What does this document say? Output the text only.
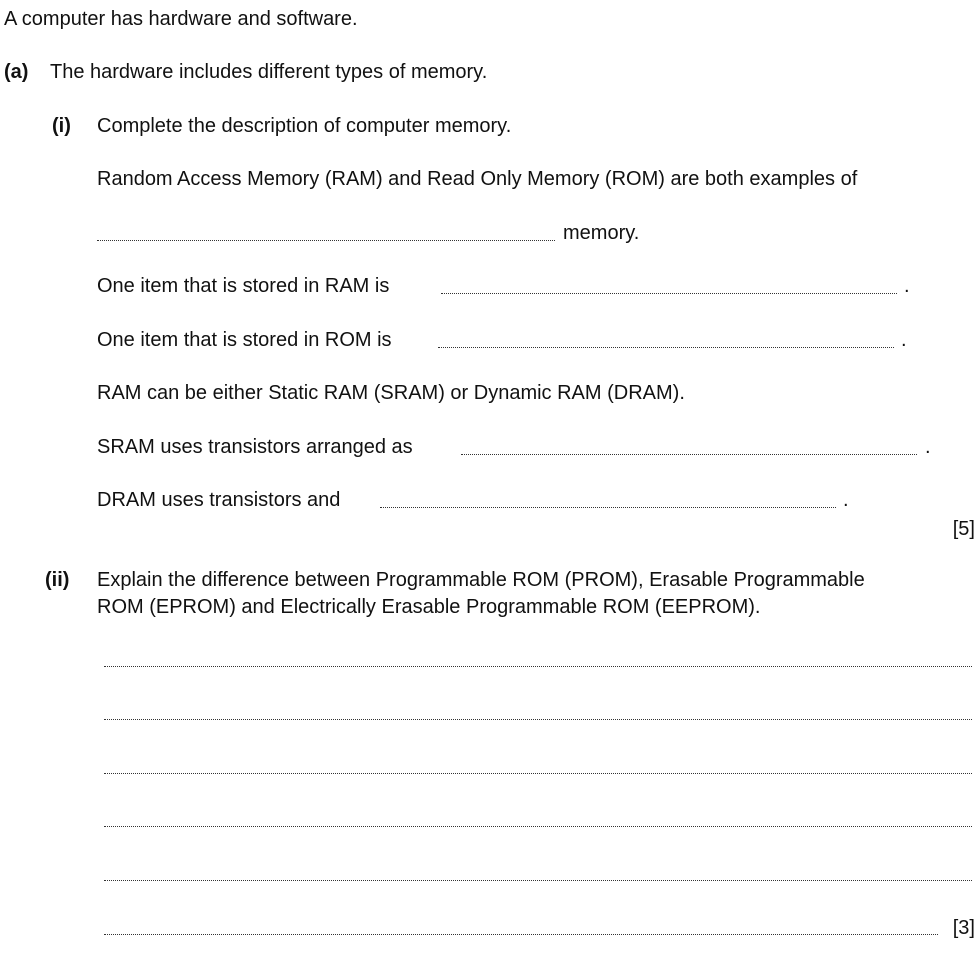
A computer has hardware and software.
(a) The hardware includes different types of memory.
(i) Complete the description of computer memory.
Random Access Memory (RAM) and Read Only Memory (ROM) are both examples of
memory.
One item that is stored in RAM is	.
One item that is stored in ROM is	.
RAM can be either Static RAM (SRAM) or Dynamic RAM (DRAM).
SRAM uses transistors arranged as	.
DRAM uses transistors and	.
[5]
(ii) Explain the difference between Programmable ROM (PROM), Erasable Programmable
ROM (EPROM) and Electrically Erasable Programmable ROM (EEPROM).
[3]
